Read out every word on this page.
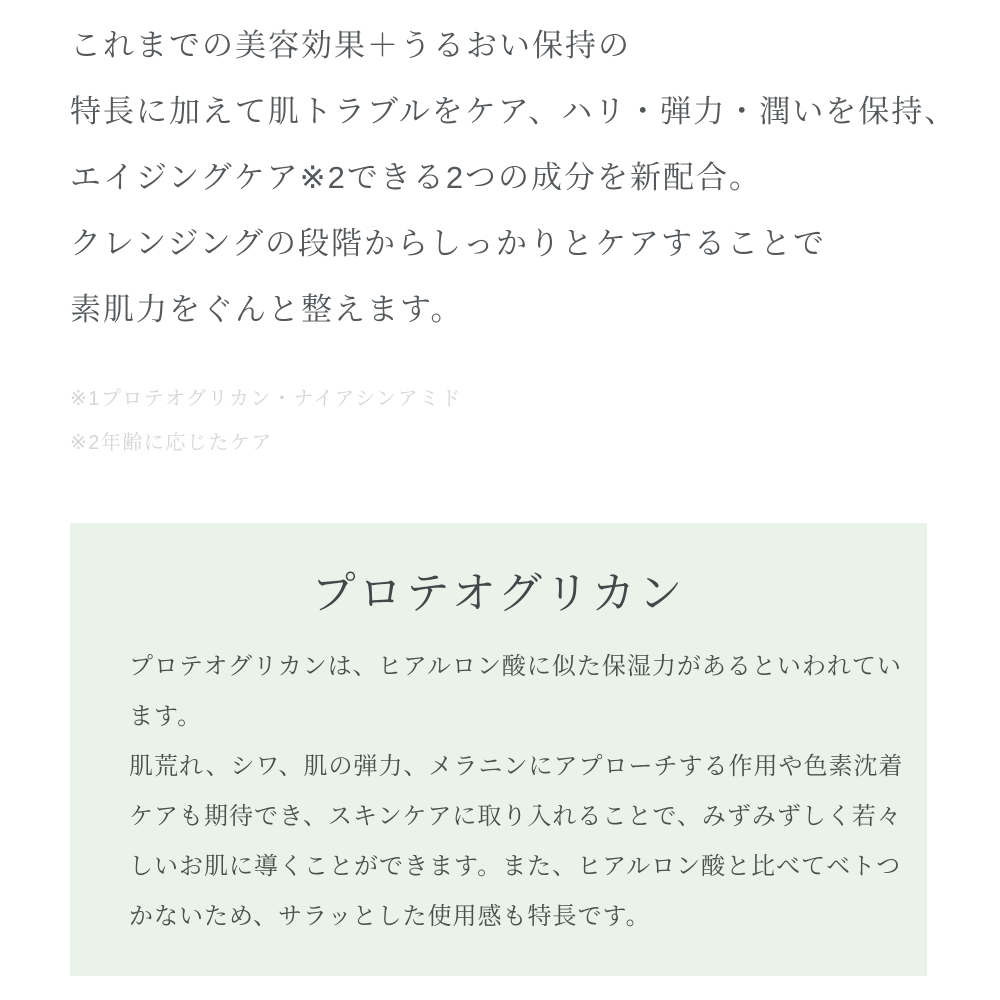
これまでの美容効果＋うるおい保持の
特長に加えて肌トラブルをケア、ハリ・弾力・潤いを保持、
エイジングケア※2できる2つの成分を新配合。
クレンジングの段階からしっかりとケアすることで
素肌力をぐんと整えます。
※1プロテオグリカン・ナイアシンアミド
※2年齢に応じたケア
プロテオグリカン
プロテオグリカンは、ヒアルロン酸に似た保湿力があるといわれてい
ます。
肌荒れ、シワ、肌の弾力、メラニンにアプローチする作用や色素沈着
ケアも期待でき、スキンケアに取り入れることで、みずみずしく若々
しいお肌に導くことができます。また、ヒアルロン酸と比べてベトつ
かないため、サラッとした使用感も特長です。
